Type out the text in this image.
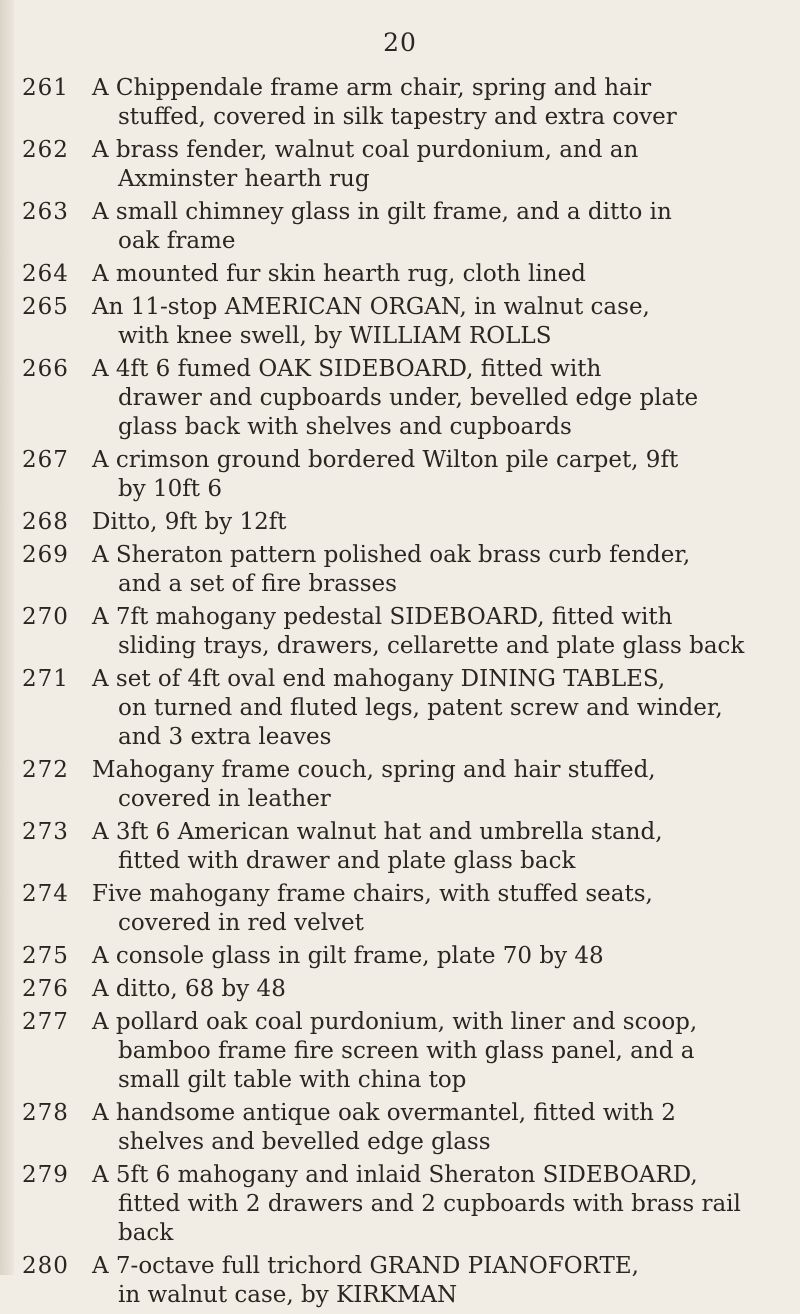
20
261	A Chippendale frame arm chair, spring and hair
stuffed, covered in silk tapestry and extra cover
262	A brass fender, walnut coal purdonium, and an
Axminster hearth rug
263	A small chimney glass in gilt frame, and a ditto in
oak frame
264	A mounted fur skin hearth rug, cloth lined
265	An 11-stop AMERICAN ORGAN, in walnut case,
with knee swell, by WILLIAM ROLLS
266	A 4ft 6 fumed OAK SIDEBOARD, fitted with
drawer and cupboards under, bevelled edge plate
glass back with shelves and cupboards
267	A crimson ground bordered Wilton pile carpet, 9ft
by 10ft 6
268	Ditto, 9ft by 12ft
269	A Sheraton pattern polished oak brass curb fender,
and a set of fire brasses
270	A 7ft mahogany pedestal SIDEBOARD, fitted with
sliding trays, drawers, cellarette and plate glass back
271	A set of 4ft oval end mahogany DINING TABLES,
on turned and fluted legs, patent screw and winder,
and 3 extra leaves
272	Mahogany frame couch, spring and hair stuffed,
covered in leather
273	A 3ft 6 American walnut hat and umbrella stand,
fitted with drawer and plate glass back
274	Five mahogany frame chairs, with stuffed seats,
covered in red velvet
275	A console glass in gilt frame, plate 70 by 48
276	A ditto, 68 by 48
277	A pollard oak coal purdonium, with liner and scoop,
bamboo frame fire screen with glass panel, and a
small gilt table with china top
278	A handsome antique oak overmantel, fitted with 2
shelves and bevelled edge glass
279	A 5ft 6 mahogany and inlaid Sheraton SIDEBOARD,
fitted with 2 drawers and 2 cupboards with brass rail
back
280	A 7-octave full trichord GRAND PIANOFORTE,
in walnut case, by KIRKMAN
